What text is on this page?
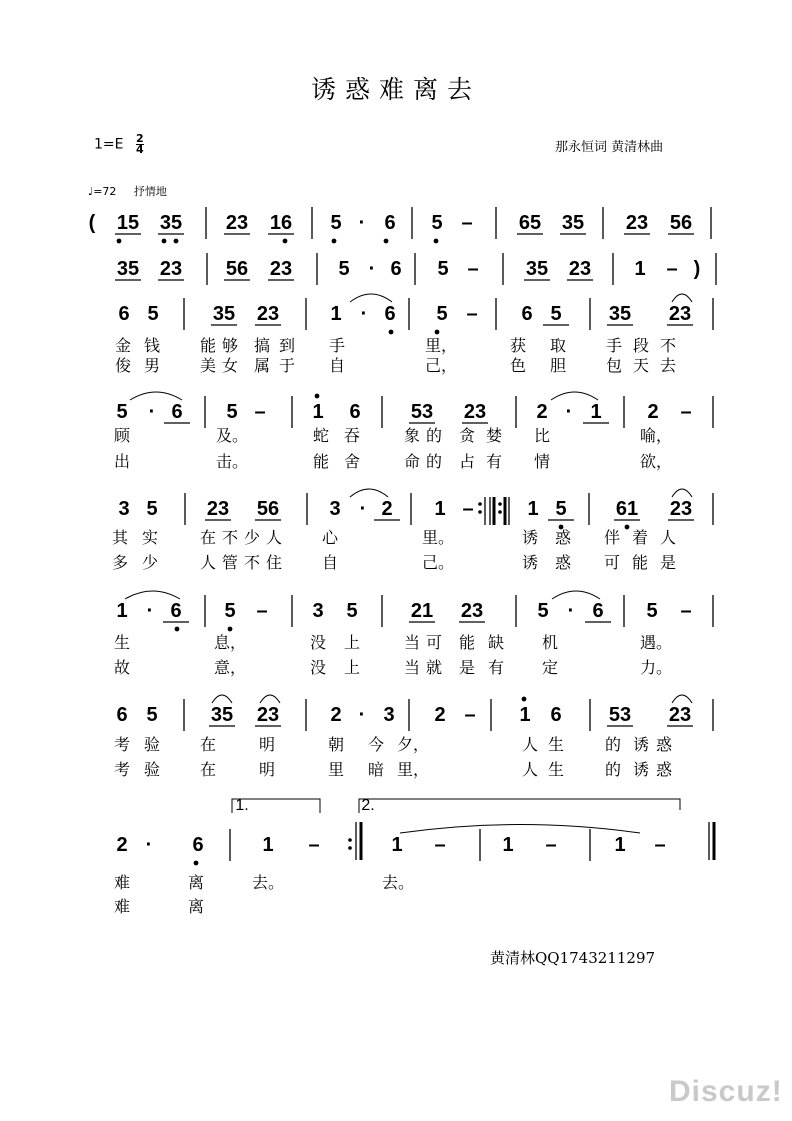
诱惑难离去
$1=E \frac{2}{4}$	那永恒词 黄清林曲
♩=72 抒情地
( 15 35 23 16 5 · 6 5 – 65 35 23 56
35 23 56 23 5 · 6 5 – 35 23 1 – )
6 5	35 23	1 · 6 5 – 6 5 35 23
金 钱 能 够 搞 到 手	里，	获 取 手 段 不
俊 男 美 女 属 于 自	己，	色 胆 包 天 去
5 · 6 5 – 1 6	53 23	2 · 1 2 –
顾	及。	蛇 吞	象 的 贪 婪 比	喻，
出	击。	能 舍	命 的 占 有 情	欲，
3 5 23 56	3 · 2 1 –	1 5 61 23
其 实	在 不 少 人 心	里。	诱 惑 伴 着 人
多 少	人 管 不 住 自	己。	诱 惑 可 能 是
1 · 6 5 – 3 5	21 23	5 · 6 5 –
生	息，	没 上	当 可 能 缺 机	遇。
故	意，	没 上	当 就 是 有 定	力。
6 5	35 23	2 · 3 2 – 1 6 53 23
考 验 在	明	朝 今 夕，	人 生	的 诱 惑
考 验 在	明	里 暗 里，	人 生	的 诱 惑
1.	2.
2 · 6	1 –	1 –	1 –	1 –
难	离	去。	去。
难	离
黄清林QQ1743211297
Discuz!
